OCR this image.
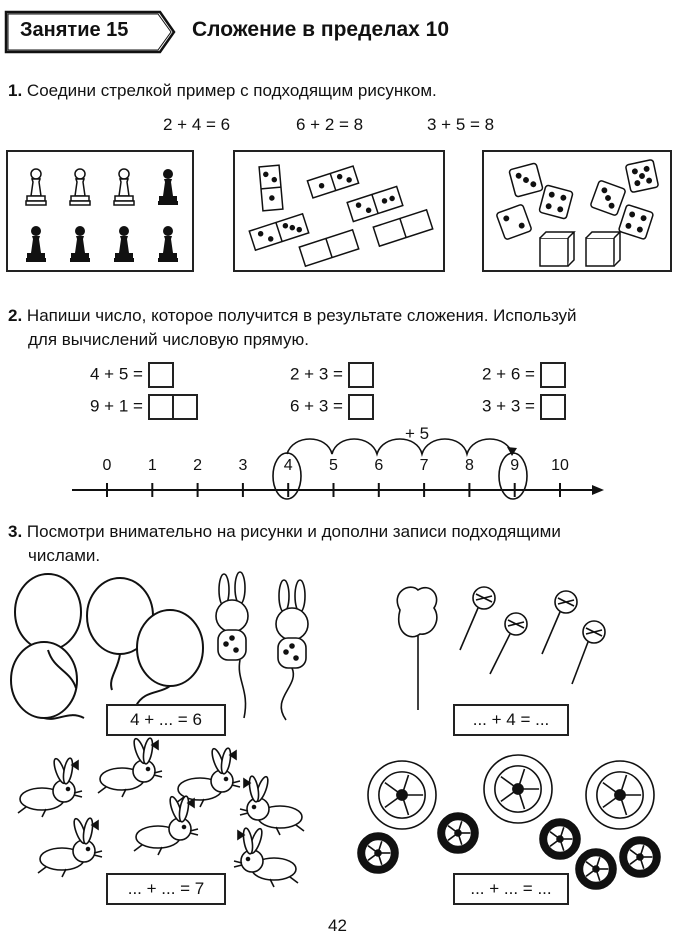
Занятие 15	Сложение в пределах 10
1. Соедини стрелкой пример с подходящим рисунком.
2 + 4 = 6	6 + 2 = 8	3 + 5 = 8
2. Напиши число, которое получится в результате сложения. Используй
для вычислений числовую прямую.
4 + 5 =	2 + 3 =	2 + 6 =
9 + 1 =	6 + 3 =	3 + 3 =
+ 5
0	1	2	3	4	5	6	7	8	9	10
3. Посмотри внимательно на рисунки и дополни записи подходящими
числами.
4 + ... = 6	... + 4 = ...
... + ... = 7	... + ... = ...
42
